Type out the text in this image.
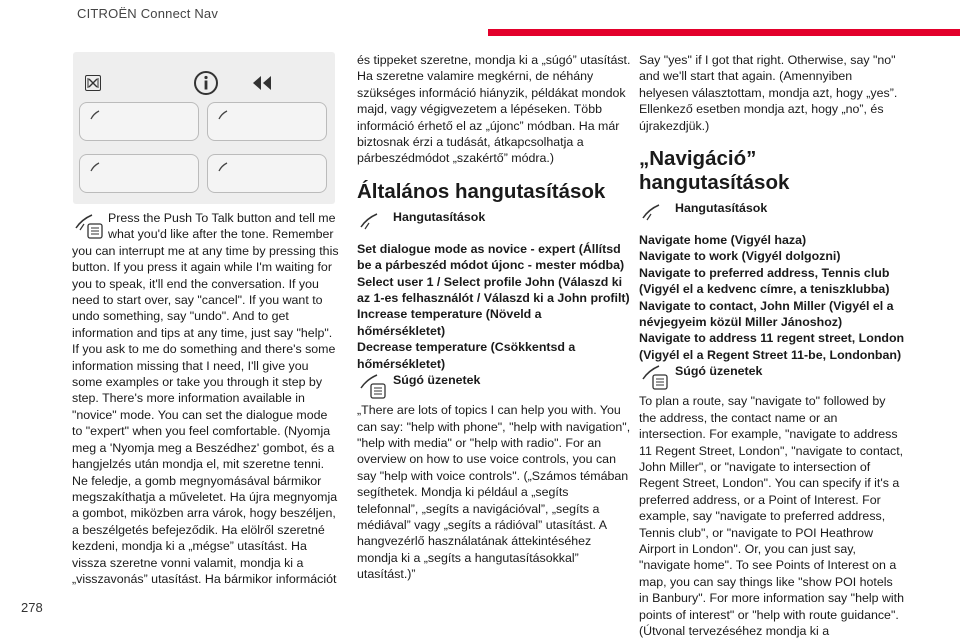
CITROËN Connect Nav

Press the Push To Talk button and tell me what you'd like after the tone. Remember you can interrupt me at any time by pressing this button. If you press it again while I'm waiting for you to speak, it'll end the conversation. If you need to start over, say "cancel". If you want to undo something, say "undo". And to get information and tips at any time, just say "help". If you ask to me do something and there's some information missing that I need, I'll give you some examples or take you through it step by step. There's more information available in "novice" mode. You can set the dialogue mode to "expert" when you feel comfortable. (Nyomja meg a 'Nyomja meg a Beszédhez' gombot, és a hangjelzés után mondja el, mit szeretne tenni. Ne feledje, a gomb megnyomásával bármikor megszakíthatja a műveletet. Ha újra megnyomja a gombot, miközben arra várok, hogy beszéljen, a beszélgetés befejeződik. Ha elölről szeretné kezdeni, mondja ki a „mégse” utasítást. Ha vissza szeretne vonni valamit, mondja ki a „visszavonás” utasítást. Ha bármikor információt

és tippeket szeretne, mondja ki a „súgó” utasítást. Ha szeretne valamire megkérni, de néhány szükséges információ hiányzik, példákat mondok majd, vagy végigvezetem a lépéseken. Több információ érhető el az „újonc” módban. Ha már biztosnak érzi a tudását, átkapcsolhatja a párbeszédmódot „szakértő” módra.)

Általános hangutasítások
Hangutasítások
Set dialogue mode as novice - expert (Állítsd be a párbeszéd módot újonc - mester módba)
Select user 1 / Select profile John (Válaszd ki az 1-es felhasználót / Válaszd ki a John profilt)
Increase temperature (Növeld a hőmérsékletet)
Decrease temperature (Csökkentsd a hőmérsékletet)
Súgó üzenetek

„There are lots of topics I can help you with. You can say: "help with phone", "help with navigation", "help with media" or "help with radio". For an overview on how to use voice controls, you can say "help with voice controls". („Számos témában segíthetek. Mondja ki például a „segíts telefonnal”, „segíts a navigációval”, „segíts a médiával” vagy „segíts a rádióval” utasítást. A hangvezérlő használatának áttekintéséhez mondja ki a „segíts a hangutasításokkal” utasítást.)”

Say "yes" if I got that right. Otherwise, say "no" and we'll start that again. (Amennyiben helyesen választottam, mondja azt, hogy „yes”. Ellenkező esetben mondja azt, hogy „no”, és újrakezdjük.)

„Navigáció” hangutasítások
Hangutasítások
Navigate home (Vigyél haza)
Navigate to work (Vigyél dolgozni)
Navigate to preferred address, Tennis club (Vigyél el a kedvenc címre, a teniszklubba)
Navigate to contact, John Miller (Vigyél el a névjegyeim közül Miller Jánoshoz)
Navigate to address 11 regent street, London (Vigyél el a Regent Street 11-be, Londonban)
Súgó üzenetek

To plan a route, say "navigate to" followed by the address, the contact name or an intersection. For example, "navigate to address 11 Regent Street, London", "navigate to contact, John Miller", or "navigate to intersection of Regent Street, London". You can specify if it's a preferred address, or a Point of Interest. For example, say "navigate to preferred address, Tennis club", or "navigate to POI Heathrow Airport in London". Or, you can just say, "navigate home". To see Points of Interest on a map, you can say things like "show POI hotels in Banbury". For more information say "help with points of interest" or "help with route guidance". (Útvonal tervezéséhez mondja ki a

278
